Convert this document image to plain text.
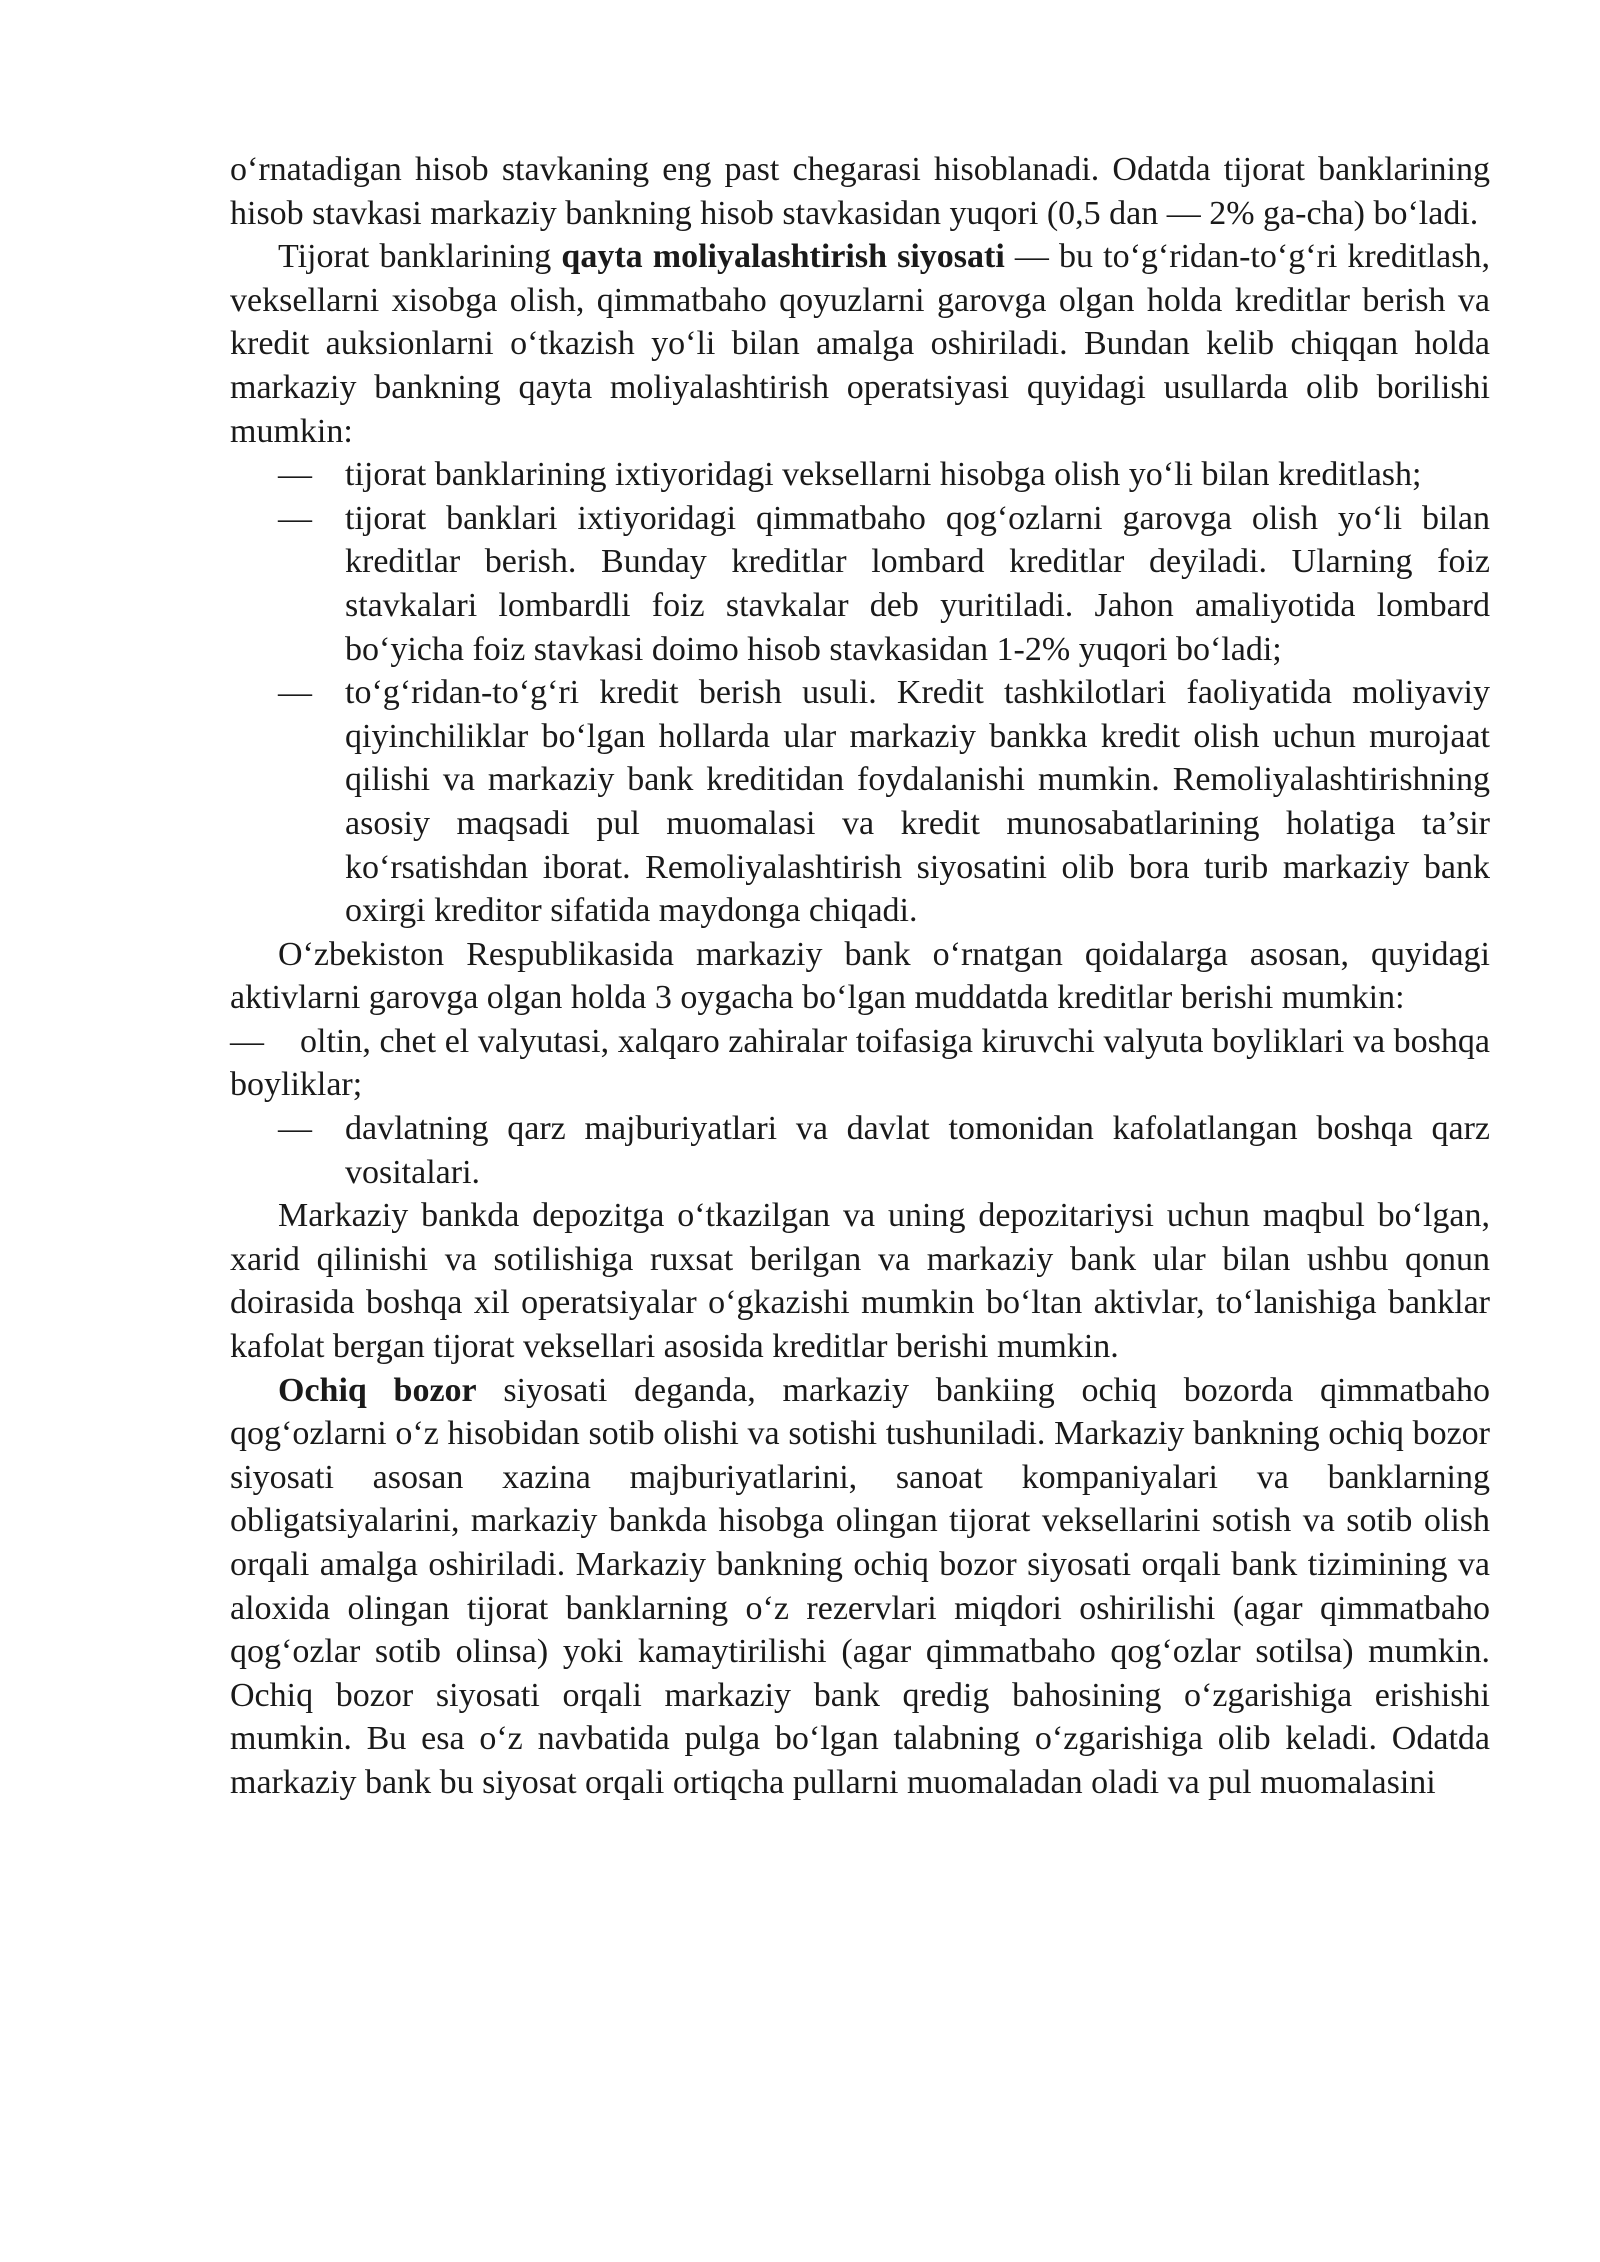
o‘rnatadigan hisob stavkaning eng past chegarasi hisoblanadi. Odatda tijorat banklarining hisob stavkasi markaziy bankning hisob stavkasidan yuqori (0,5 dan — 2% ga-cha) bo‘ladi.

Tijorat banklarining qayta moliyalashtirish siyosati — bu to‘g‘ridan-to‘g‘ri kreditlash, veksellarni xisobga olish, qimmatbaho qoyuzlarni garovga olgan holda kreditlar berish va kredit auksionlarni o‘tkazish yo‘li bilan amalga oshiriladi. Bundan kelib chiqqan holda markaziy bankning qayta moliyalashtirish operatsiyasi quyidagi usullarda olib borilishi mumkin:

— tijorat banklarining ixtiyoridagi veksellarni hisobga olish yo‘li bilan kreditlash;
— tijorat banklari ixtiyoridagi qimmatbaho qog‘ozlarni garovga olish yo‘li bilan kreditlar berish. Bunday kreditlar lombard kreditlar deyiladi. Ularning foiz stavkalari lombardli foiz stavkalar deb yuritiladi. Jahon amaliyotida lombard bo‘yicha foiz stavkasi doimo hisob stavkasidan 1-2% yuqori bo‘ladi;
— to‘g‘ridan-to‘g‘ri kredit berish usuli. Kredit tashkilotlari faoliyatida moliyaviy qiyinchiliklar bo‘lgan hollarda ular markaziy bankka kredit olish uchun murojaat qilishi va markaziy bank kreditidan foydalanishi mumkin. Remoliyalashtirishning asosiy maqsadi pul muomalasi va kredit munosabatlarining holatiga ta’sir ko‘rsatishdan iborat. Remoliyalashtirish siyosatini olib bora turib markaziy bank oxirgi kreditor sifatida maydonga chiqadi.

O‘zbekiston Respublikasida markaziy bank o‘rnatgan qoidalarga asosan, quyidagi aktivlarni garovga olgan holda 3 oygacha bo‘lgan muddatda kreditlar berishi mumkin:

— oltin, chet el valyutasi, xalqaro zahiralar toifasiga kiruvchi valyuta boyliklari va boshqa boyliklar;
— davlatning qarz majburiyatlari va davlat tomonidan kafolatlangan boshqa qarz vositalari.

Markaziy bankda depozitga o‘tkazilgan va uning depozitariysi uchun maqbul bo‘lgan, xarid qilinishi va sotilishiga ruxsat berilgan va markaziy bank ular bilan ushbu qonun doirasida boshqa xil operatsiyalar o‘gkazishi mumkin bo‘ltan aktivlar, to‘lanishiga banklar kafolat bergan tijorat veksellari asosida kreditlar berishi mumkin.

Ochiq bozor siyosati deganda, markaziy bankiing ochiq bozorda qimmatbaho qog‘ozlarni o‘z hisobidan sotib olishi va sotishi tushuniladi. Markaziy bankning ochiq bozor siyosati asosan xazina majburiyatlarini, sanoat kompaniyalari va banklarning obligatsiyalarini, markaziy bankda hisobga olingan tijorat veksellarini sotish va sotib olish orqali amalga oshiriladi. Markaziy bankning ochiq bozor siyosati orqali bank tizimining va aloxida olingan tijorat banklarning o‘z rezervlari miqdori oshirilishi (agar qimmatbaho qog‘ozlar sotib olinsa) yoki kamaytirilishi (agar qimmatbaho qog‘ozlar sotilsa) mumkin. Ochiq bozor siyosati orqali markaziy bank qredig bahosining o‘zgarishiga erishishi mumkin. Bu esa o‘z navbatida pulga bo‘lgan talabning o‘zgarishiga olib keladi. Odatda markaziy bank bu siyosat orqali ortiqcha pullarni muomaladan oladi va pul muomalasini
